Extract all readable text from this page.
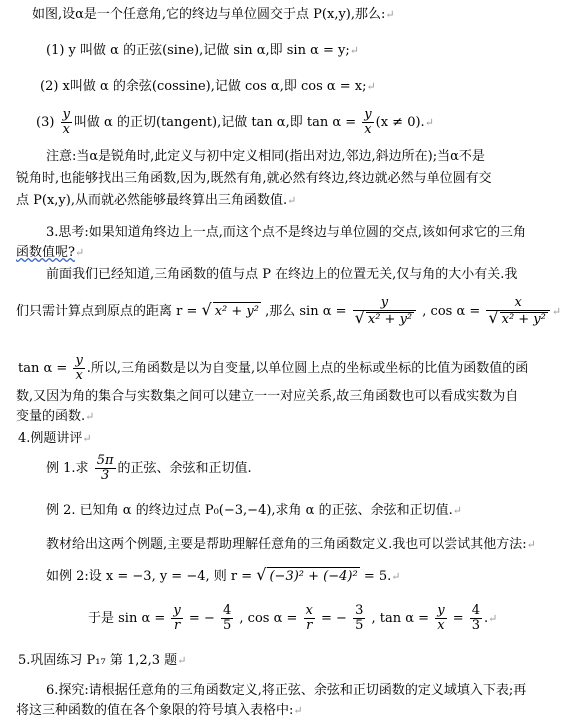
如图,设α是一个任意角,它的终边与单位圆交于点 P(x,y),那么:↵
(1) y 叫做 α 的正弦(sine),记做 sin α,即 sin α = y;↵
(2) x叫做 α 的余弦(cossine),记做 cos α,即 cos α = x;↵
$(3) \frac{y}{x}$ 叫做 α 的正切(tangent),记做 tan α,即 $\tan \alpha = \frac{y}{x} (x$ ≠ 0).↵
注意:当α是锐角时,此定义与初中定义相同(指出对边,邻边,斜边所在);当α不是
锐角时,也能够找出三角函数,因为,既然有角,就必然有终边,终边就必然与单位圆有交
点 P(x,y),从而就必然能够最终算出三角函数值.↵
3.思考:如果知道角终边上一点,而这个点不是终边与单位圆的交点,该如何求它的三角
函数值呢?↵
前面我们已经知道,三角函数的值与点 P 在终边上的位置无关,仅与角的大小有关.我
们只需计算点到原点的距离 r = √ x² + y² ,那么 $\sin \alpha = \frac{y}{\text{√ x² + y²}}$ , $\cos \alpha = \frac{x}{\text{√ x² + y²}}$ ↵
$\tan \alpha = \frac{y}{x}$ .所以,三角函数是以为自变量,以单位圆上点的坐标或坐标的比值为函数值的函
数,又因为角的集合与实数集之间可以建立一一对应关系,故三角函数也可以看成实数为自
变量的函数.↵
4.例题讲评↵
例 1.求 $\frac{5\pi}{3}$ 的正弦、余弦和正切值.
例 2. 已知角 α 的终边过点 P₀(−3,−4),求角 α 的正弦、余弦和正切值.↵
教材给出这两个例题,主要是帮助理解任意角的三角函数定义.我也可以尝试其他方法:↵
如例 2:设 x = −3, y = −4, 则 r = √ (−3)² + (−4)² = 5.↵
于是 $\sin \alpha = \frac{y}{r}$ = − $\frac{4}{5}$ , $\cos \alpha = \frac{x}{r}$ = − $\frac{3}{5}$ , $\tan \alpha = \frac{y}{x} = \frac{4}{3}$ .↵
5.巩固练习 P₁₇ 第 1,2,3 题↵
6.探究:请根据任意角的三角函数定义,将正弦、余弦和正切函数的定义域填入下表;再
将这三种函数的值在各个象限的符号填入表格中:↵
